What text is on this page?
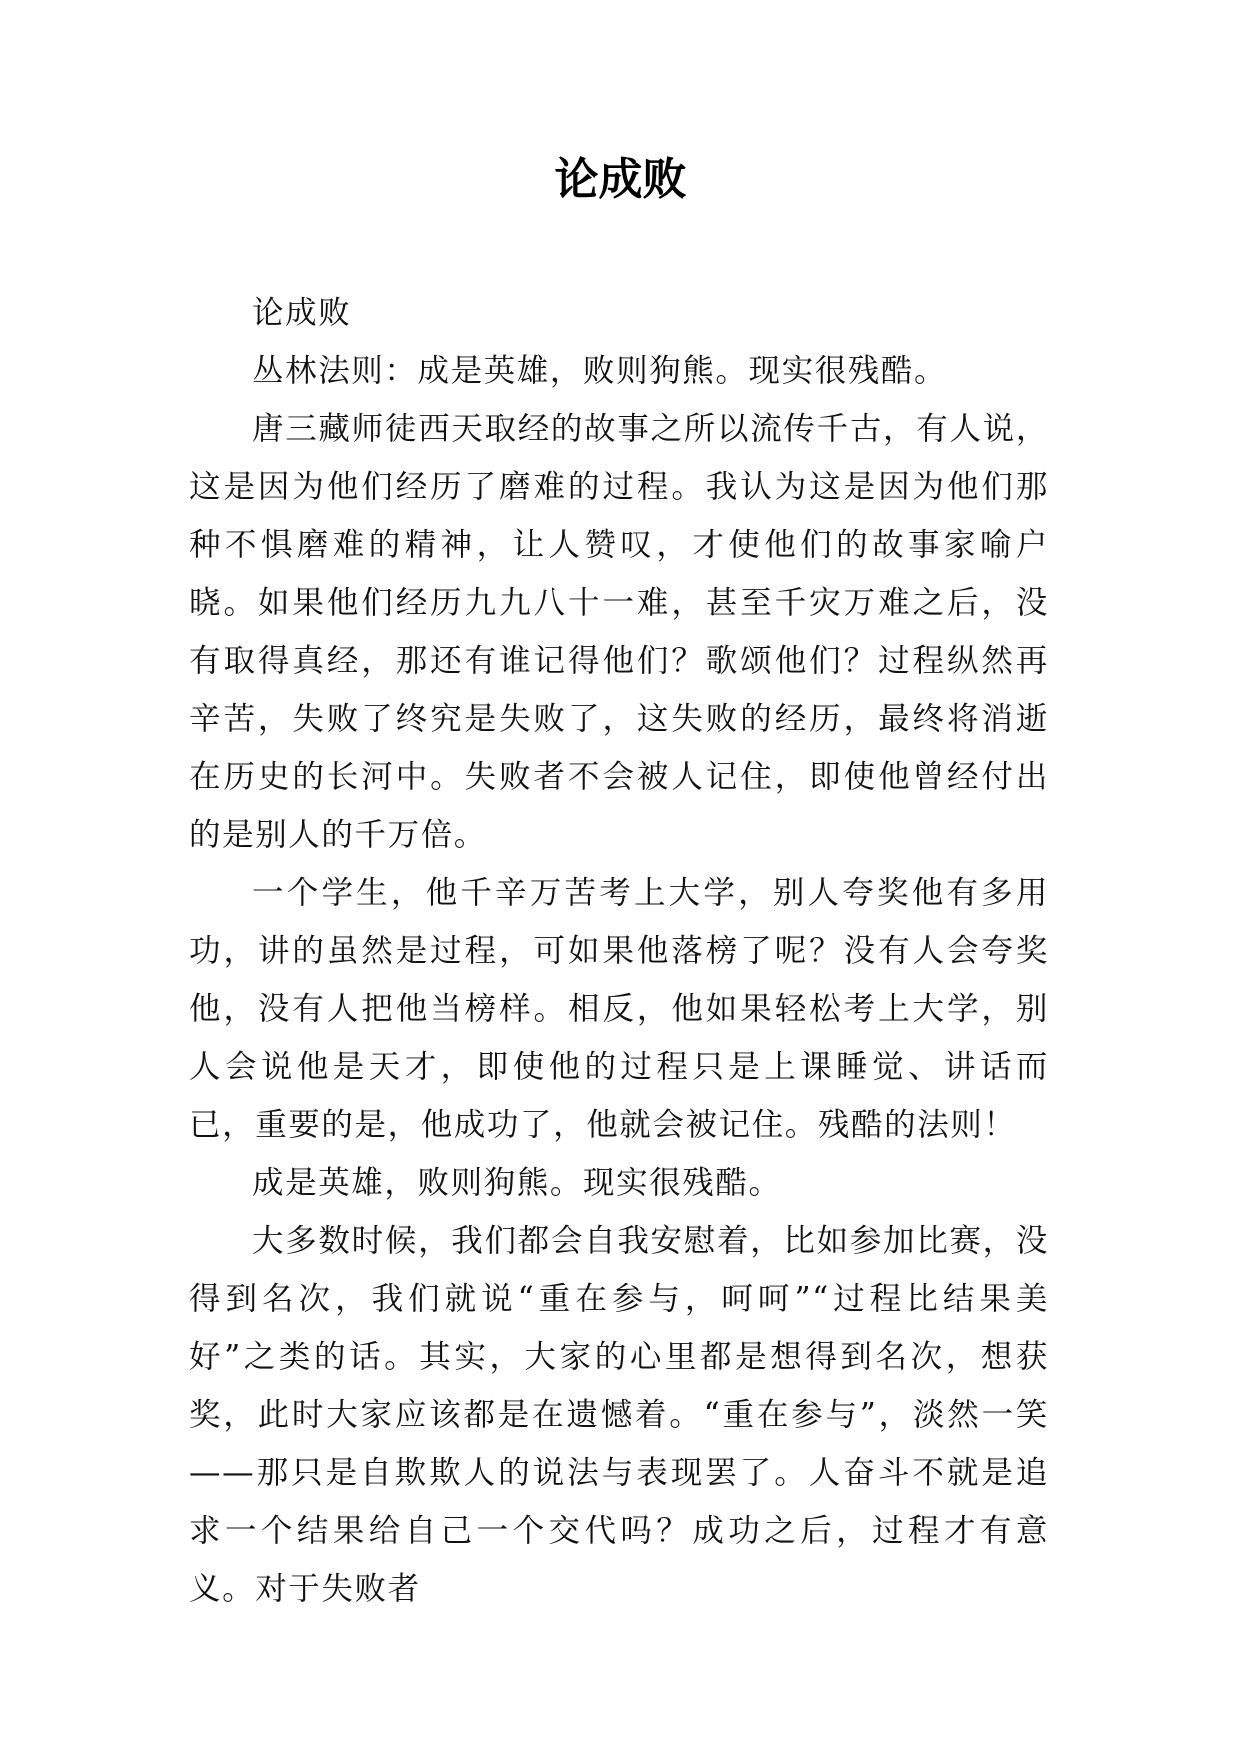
论成败

论成败

丛林法则：成是英雄，败则狗熊。现实很残酷。

唐三藏师徒西天取经的故事之所以流传千古，有人说，这是因为他们经历了磨难的过程。我认为这是因为他们那种不惧磨难的精神，让人赞叹，才使他们的故事家喻户晓。如果他们经历九九八十一难，甚至千灾万难之后，没有取得真经，那还有谁记得他们？歌颂他们？过程纵然再辛苦，失败了终究是失败了，这失败的经历，最终将消逝在历史的长河中。失败者不会被人记住，即使他曾经付出的是别人的千万倍。

一个学生，他千辛万苦考上大学，别人夸奖他有多用功，讲的虽然是过程，可如果他落榜了呢？没有人会夸奖他，没有人把他当榜样。相反，他如果轻松考上大学，别人会说他是天才，即使他的过程只是上课睡觉、讲话而已，重要的是，他成功了，他就会被记住。残酷的法则！

成是英雄，败则狗熊。现实很残酷。

大多数时候，我们都会自我安慰着，比如参加比赛，没得到名次，我们就说“重在参与，呵呵”“过程比结果美好”之类的话。其实，大家的心里都是想得到名次，想获奖，此时大家应该都是在遗憾着。“重在参与”，淡然一笑——那只是自欺欺人的说法与表现罢了。人奋斗不就是追求一个结果给自己一个交代吗？成功之后，过程才有意义。对于失败者
